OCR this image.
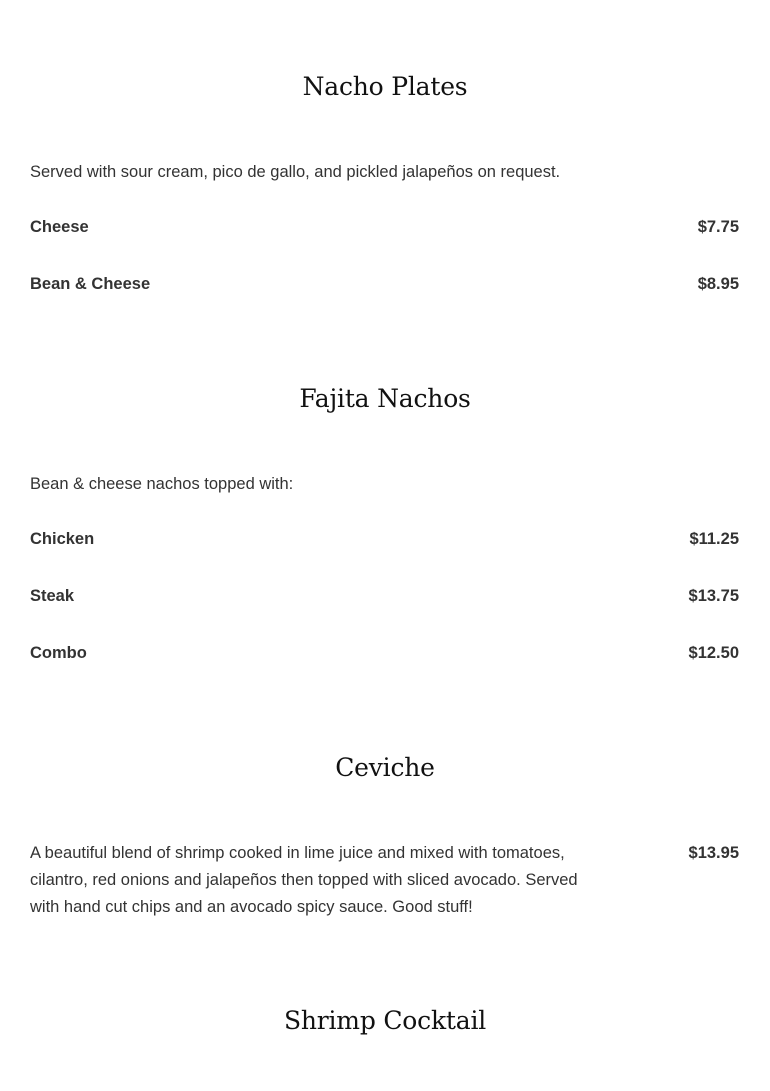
Nacho Plates

Served with sour cream, pico de gallo, and pickled jalapeños on request.

Cheese	$7.75
Bean & Cheese	$8.95
Fajita Nachos

Bean & cheese nachos topped with:

Chicken	$11.25
Steak	$13.75
Combo	$12.50
Ceviche

A beautiful blend of shrimp cooked in lime juice and mixed with tomatoes, cilantro, red onions and jalapeños then topped with sliced avocado. Served with hand cut chips and an avocado spicy sauce. Good stuff!

$13.95
Shrimp Cocktail
